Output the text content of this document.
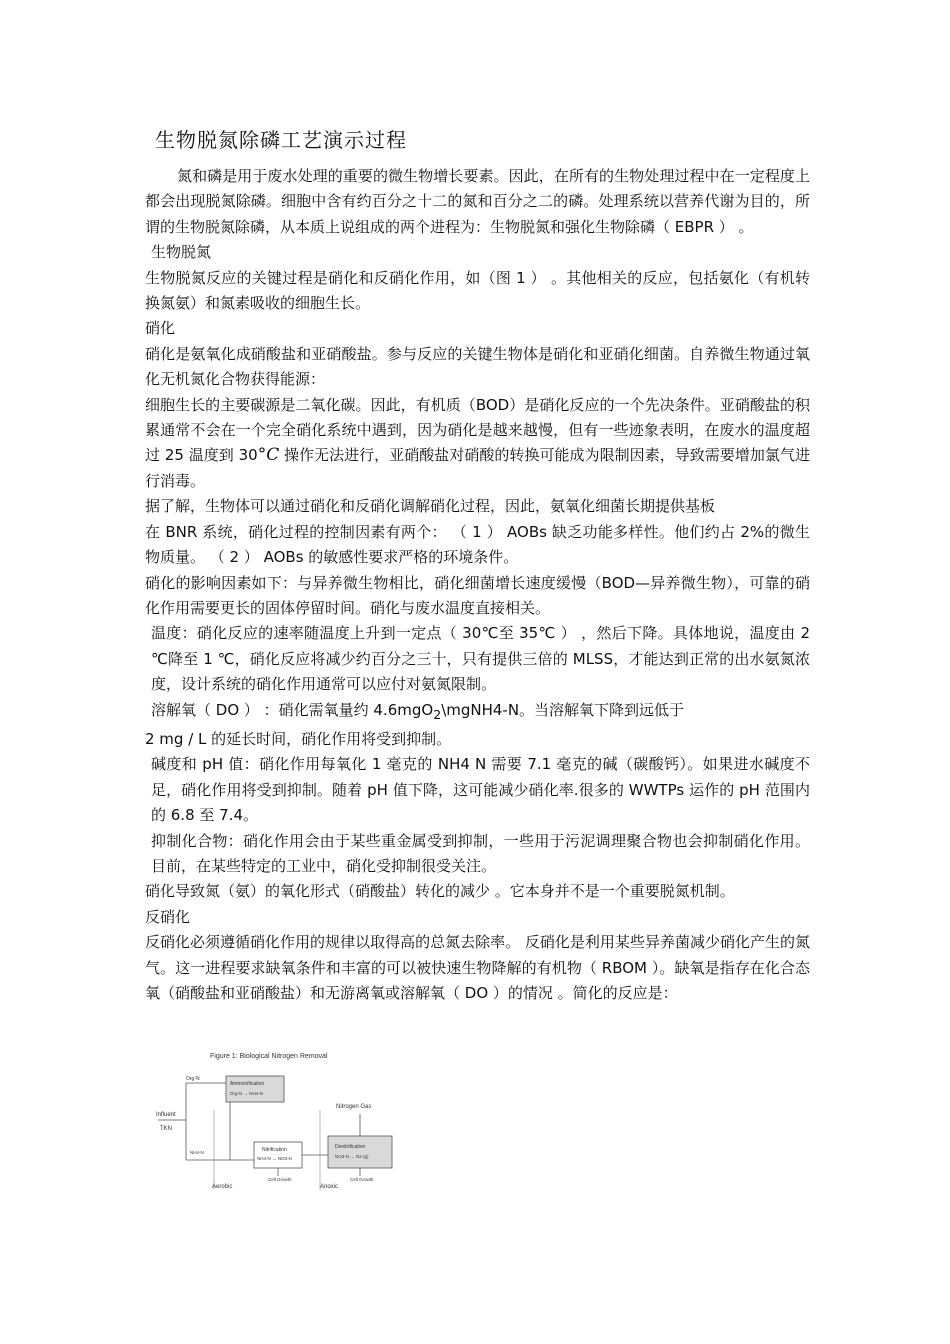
生物脱氮除磷工艺演示过程

氮和磷是用于废水处理的重要的微生物增长要素。因此，在所有的生物处理过程中在一定程度上都会出现脱氮除磷。细胞中含有约百分之十二的氮和百分之二的磷。处理系统以营养代谢为目的，所谓的生物脱氮除磷，从本质上说组成的两个进程为：生物脱氮和强化生物除磷（ EBPR ） 。

生物脱氮

生物脱氮反应的关键过程是硝化和反硝化作用，如（图 1 ） 。其他相关的反应，包括氨化（有机转换氮氨）和氮素吸收的细胞生长。

硝化

硝化是氨氧化成硝酸盐和亚硝酸盐。参与反应的关键生物体是硝化和亚硝化细菌。自养微生物通过氧化无机氮化合物获得能源：

细胞生长的主要碳源是二氧化碳。因此，有机质（BOD）是硝化反应的一个先决条件。亚硝酸盐的积累通常不会在一个完全硝化系统中遇到，因为硝化是越来越慢，但有一些迹象表明，在废水的温度超过 25 温度到 30°C 操作无法进行，亚硝酸盐对硝酸的转换可能成为限制因素，导致需要增加氯气进行消毒。

据了解，生物体可以通过硝化和反硝化调解硝化过程，因此，氨氧化细菌长期提供基板

在 BNR 系统，硝化过程的控制因素有两个： （ 1 ） AOBs 缺乏功能多样性。他们约占 2%的微生物质量。 （ 2 ） AOBs 的敏感性要求严格的环境条件。

硝化的影响因素如下：与异养微生物相比，硝化细菌增长速度缓慢（BOD—异养微生物），可靠的硝化作用需要更长的固体停留时间。硝化与废水温度直接相关。

温度：硝化反应的速率随温度上升到一定点（ 30℃至 35℃ ） ，然后下降。具体地说，温度由 2 ℃降至 1 ℃，硝化反应将减少约百分之三十，只有提供三倍的 MLSS，才能达到正常的出水氨氮浓度，设计系统的硝化作用通常可以应付对氨氮限制。

溶解氧（ DO ） ：硝化需氧量约 4.6mgO$_2$\mgNH4-N。当溶解氧下降到远低于

2 mg / L 的延长时间，硝化作用将受到抑制。

碱度和 pH 值：硝化作用每氧化 1 毫克的 NH4 N 需要 7.1 毫克的碱（碳酸钙）。如果进水碱度不足，硝化作用将受到抑制。随着 pH 值下降，这可能减少硝化率.很多的 WWTPs 运作的 pH 范围内的 6.8 至 7.4。

抑制化合物：硝化作用会由于某些重金属受到抑制，一些用于污泥调理聚合物也会抑制硝化作用。目前，在某些特定的工业中，硝化受抑制很受关注。

硝化导致氮（氨）的氧化形式（硝酸盐）转化的减少 。它本身并不是一个重要脱氮机制。

反硝化

反硝化必须遵循硝化作用的规律以取得高的总氮去除率。 反硝化是利用某些异养菌减少硝化产生的氮气。这一进程要求缺氧条件和丰富的可以被快速生物降解的有机物（ RBOM ）。缺氧是指存在化合态氧（硝酸盐和亚硝酸盐）和无游离氧或溶解氧（ DO ）的情况 。简化的反应是：

Figure 1: Biological Nitrogen Removal
Org-N
Influent
TKN
Ammonification
Org-N → NH4-N
NH4-N	Nitrification
NH4-N → NO3-N
Denitrification
NO3-N → N2 (g)
Nitrogen Gas
Cell Growth	Cell Growth
Aerobic	Anoxic
